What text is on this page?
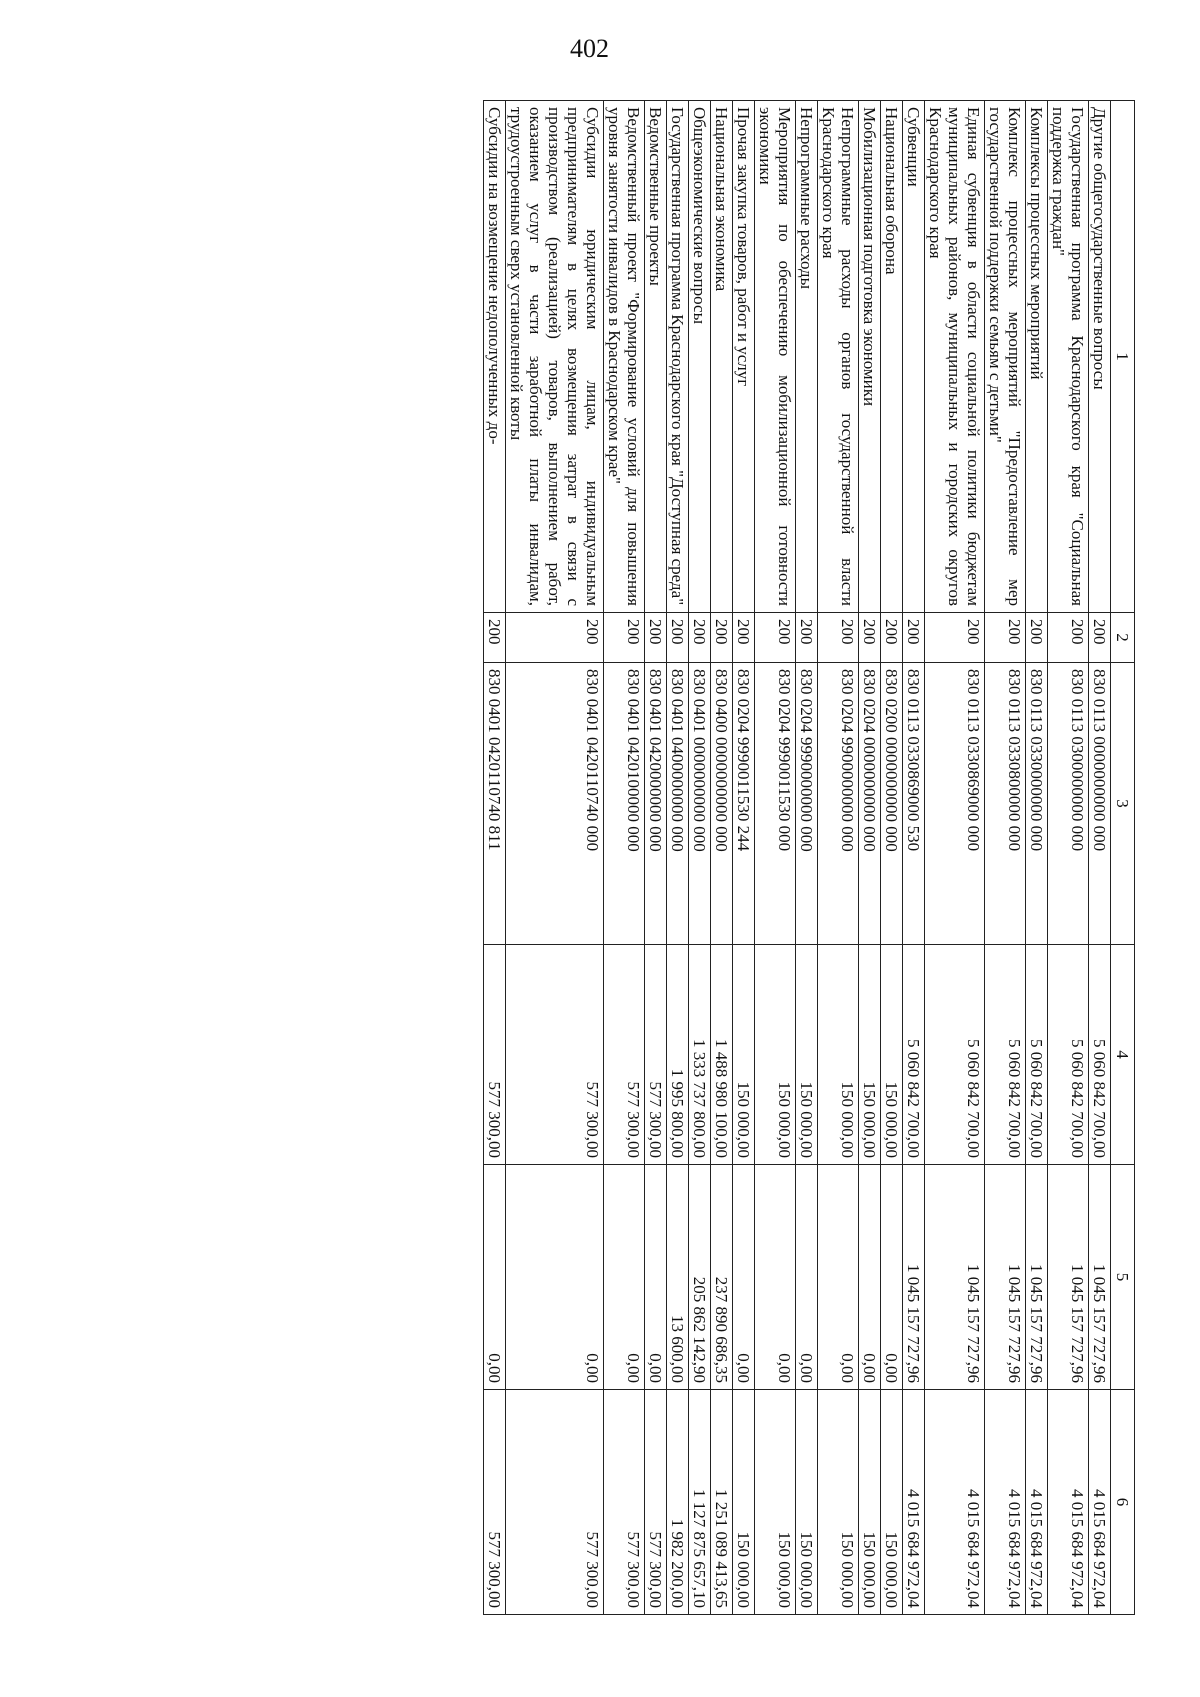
402
1	2	3	4	5	6
Другие общегосударственные вопросы	200	830 0113 0000000000 000	5 060 842 700,00	1 045 157 727,96	4 015 684 972,04
Государственная программа Краснодарского края "Социальная поддержка граждан"	200	830 0113 0300000000 000	5 060 842 700,00	1 045 157 727,96	4 015 684 972,04
Комплексы процессных мероприятий	200	830 0113 0330000000 000	5 060 842 700,00	1 045 157 727,96	4 015 684 972,04
Комплекс процессных мероприятий "Предоставление мер государственной поддержки семьям с детьми"	200	830 0113 0330800000 000	5 060 842 700,00	1 045 157 727,96	4 015 684 972,04
Единая субвенция в области социальной политики бюджетам муниципальных районов, муниципальных и городских округов Краснодарского края	200	830 0113 0330869000 000	5 060 842 700,00	1 045 157 727,96	4 015 684 972,04
Субвенции	200	830 0113 0330869000 530	5 060 842 700,00	1 045 157 727,96	4 015 684 972,04
Национальная оборона	200	830 0200 0000000000 000	150 000,00	0,00	150 000,00
Мобилизационная подготовка экономики	200	830 0204 0000000000 000	150 000,00	0,00	150 000,00
Непрограммные расходы органов государственной власти Краснодарского края	200	830 0204 9900000000 000	150 000,00	0,00	150 000,00
Непрограммные расходы	200	830 0204 9990000000 000	150 000,00	0,00	150 000,00
Мероприятия по обеспечению мобилизационной готовности экономики	200	830 0204 9990011530 000	150 000,00	0,00	150 000,00
Прочая закупка товаров, работ и услуг	200	830 0204 9990011530 244	150 000,00	0,00	150 000,00
Национальная экономика	200	830 0400 0000000000 000	1 488 980 100,00	237 890 686,35	1 251 089 413,65
Общеэкономические вопросы	200	830 0401 0000000000 000	1 333 737 800,00	205 862 142,90	1 127 875 657,10
Государственная программа Краснодарского края "Доступная среда"	200	830 0401 0400000000 000	1 995 800,00	13 600,00	1 982 200,00
Ведомственные проекты	200	830 0401 0420000000 000	577 300,00	0,00	577 300,00
Ведомственный проект "Формирование условий для повышения уровня занятости инвалидов в Краснодарском крае"	200	830 0401 0420100000 000	577 300,00	0,00	577 300,00
Субсидии юридическим лицам, индивидуальным предпринимателям в целях возмещения затрат в связи с производством (реализацией) товаров, выполнением работ, оказанием услуг в части заработной платы инвалидам, трудоустроенным сверх установленной квоты	200	830 0401 0420110740 000	577 300,00	0,00	577 300,00
Субсидии на возмещение недополученных до-	200	830 0401 0420110740 811	577 300,00	0,00	577 300,00
